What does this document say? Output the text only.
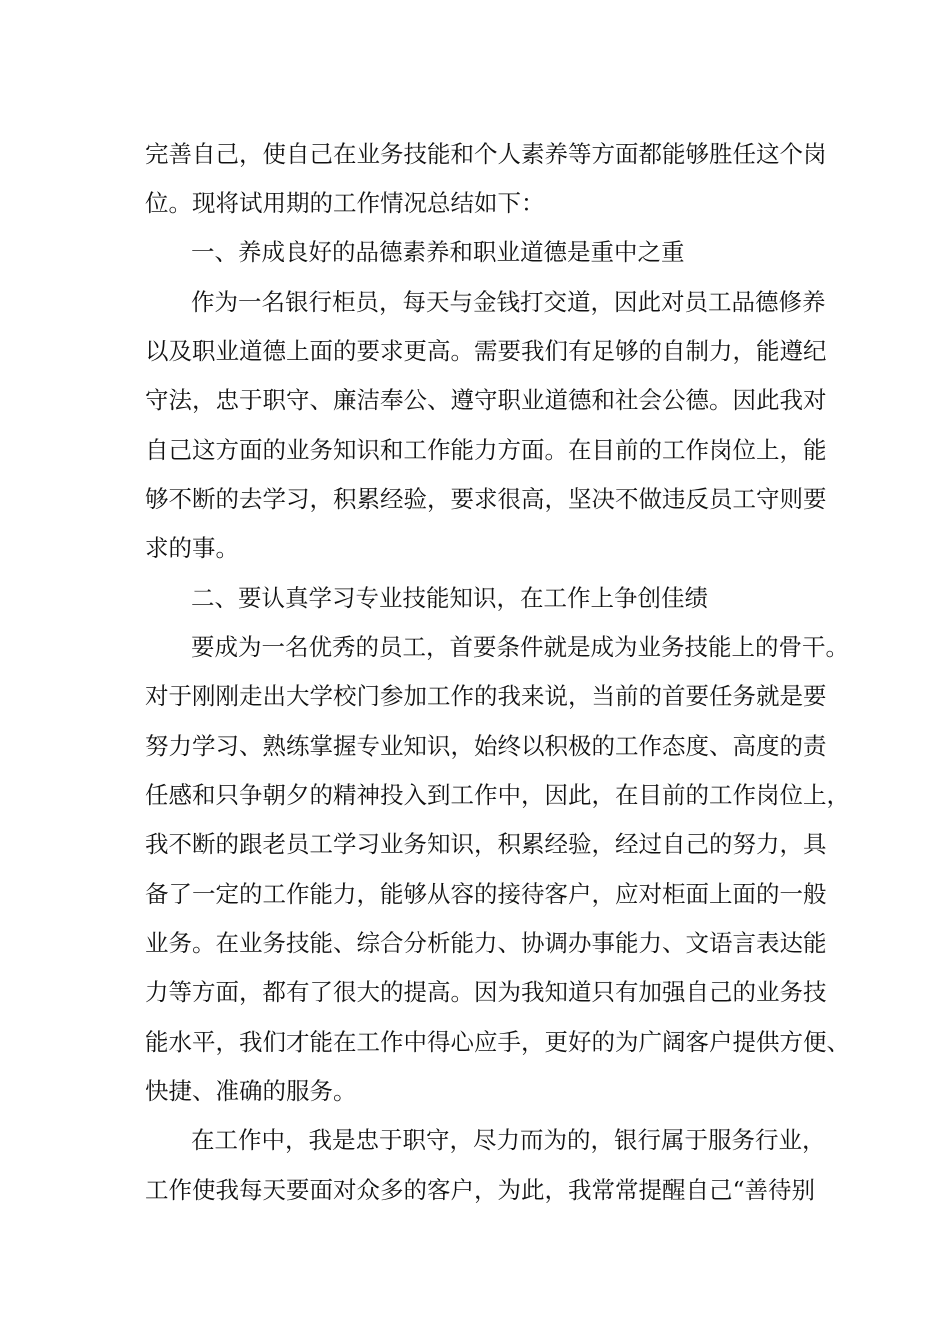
完善自己，使自己在业务技能和个人素养等方面都能够胜任这个岗
位。现将试用期的工作情况总结如下：
一、养成良好的品德素养和职业道德是重中之重
作为一名银行柜员，每天与金钱打交道，因此对员工品德修养
以及职业道德上面的要求更高。需要我们有足够的自制力，能遵纪
守法，忠于职守、廉洁奉公、遵守职业道德和社会公德。因此我对
自己这方面的业务知识和工作能力方面。在目前的工作岗位上，能
够不断的去学习，积累经验，要求很高，坚决不做违反员工守则要
求的事。
二、要认真学习专业技能知识，在工作上争创佳绩
要成为一名优秀的员工，首要条件就是成为业务技能上的骨干。
对于刚刚走出大学校门参加工作的我来说，当前的首要任务就是要
努力学习、熟练掌握专业知识，始终以积极的工作态度、高度的责
任感和只争朝夕的精神投入到工作中，因此，在目前的工作岗位上，
我不断的跟老员工学习业务知识，积累经验，经过自己的努力，具
备了一定的工作能力，能够从容的接待客户，应对柜面上面的一般
业务。在业务技能、综合分析能力、协调办事能力、文语言表达能
力等方面，都有了很大的提高。因为我知道只有加强自己的业务技
能水平，我们才能在工作中得心应手，更好的为广阔客户提供方便、
快捷、准确的服务。
在工作中，我是忠于职守，尽力而为的，银行属于服务行业，
工作使我每天要面对众多的客户，为此，我常常提醒自己“善待别
